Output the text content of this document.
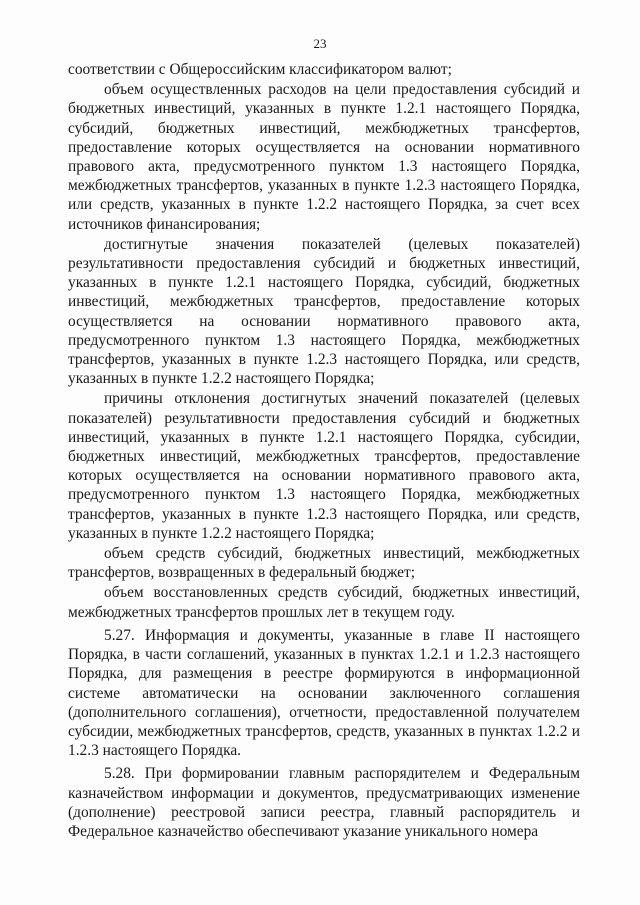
23

соответствии с Общероссийским классификатором валют;

объем осуществленных расходов на цели предоставления субсидий и бюджетных инвестиций, указанных в пункте 1.2.1 настоящего Порядка, субсидий, бюджетных инвестиций, межбюджетных трансфертов, предоставление которых осуществляется на основании нормативного правового акта, предусмотренного пунктом 1.3 настоящего Порядка, межбюджетных трансфертов, указанных в пункте 1.2.3 настоящего Порядка, или средств, указанных в пункте 1.2.2 настоящего Порядка, за счет всех источников финансирования;

достигнутые значения показателей (целевых показателей) результативности предоставления субсидий и бюджетных инвестиций, указанных в пункте 1.2.1 настоящего Порядка, субсидий, бюджетных инвестиций, межбюджетных трансфертов, предоставление которых осуществляется на основании нормативного правового акта, предусмотренного пунктом 1.3 настоящего Порядка, межбюджетных трансфертов, указанных в пункте 1.2.3 настоящего Порядка, или средств, указанных в пункте 1.2.2 настоящего Порядка;

причины отклонения достигнутых значений показателей (целевых показателей) результативности предоставления субсидий и бюджетных инвестиций, указанных в пункте 1.2.1 настоящего Порядка, субсидии, бюджетных инвестиций, межбюджетных трансфертов, предоставление которых осуществляется на основании нормативного правового акта, предусмотренного пунктом 1.3 настоящего Порядка, межбюджетных трансфертов, указанных в пункте 1.2.3 настоящего Порядка, или средств, указанных в пункте 1.2.2 настоящего Порядка;

объем средств субсидий, бюджетных инвестиций, межбюджетных трансфертов, возвращенных в федеральный бюджет;

объем восстановленных средств субсидий, бюджетных инвестиций, межбюджетных трансфертов прошлых лет в текущем году.

5.27. Информация и документы, указанные в главе II настоящего Порядка, в части соглашений, указанных в пунктах 1.2.1 и 1.2.3 настоящего Порядка, для размещения в реестре формируются в информационной системе автоматически на основании заключенного соглашения (дополнительного соглашения), отчетности, предоставленной получателем субсидии, межбюджетных трансфертов, средств, указанных в пунктах 1.2.2 и 1.2.3 настоящего Порядка.

5.28. При формировании главным распорядителем и Федеральным казначейством информации и документов, предусматривающих изменение (дополнение) реестровой записи реестра, главный распорядитель и Федеральное казначейство обеспечивают указание уникального номера
